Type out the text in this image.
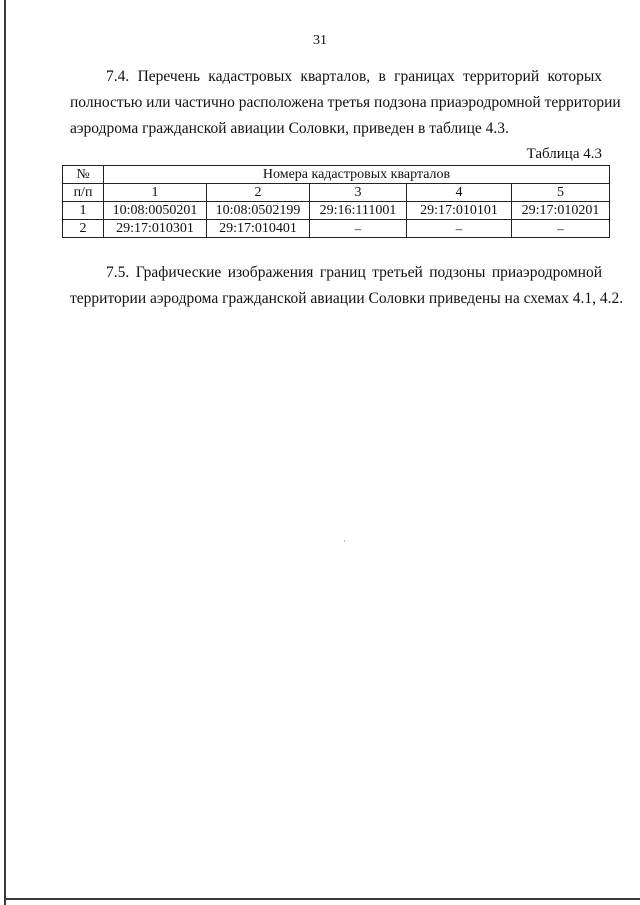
31
7.4. Перечень кадастровых кварталов, в границах территорий которых
полностью или частично расположена третья подзона приаэродромной территории
аэродрома гражданской авиации Соловки, приведен в таблице 4.3.
Таблица 4.3
№	Номера кадастровых кварталов				
п/п	1	2	3	4	5
1	10:08:0050201	10:08:0502199	29:16:111001	29:17:010101	29:17:010201
2	29:17:010301	29:17:010401	–	–	–
7.5. Графические изображения границ третьей подзоны приаэродромной
территории аэродрома гражданской авиации Соловки приведены на схемах 4.1, 4.2.
